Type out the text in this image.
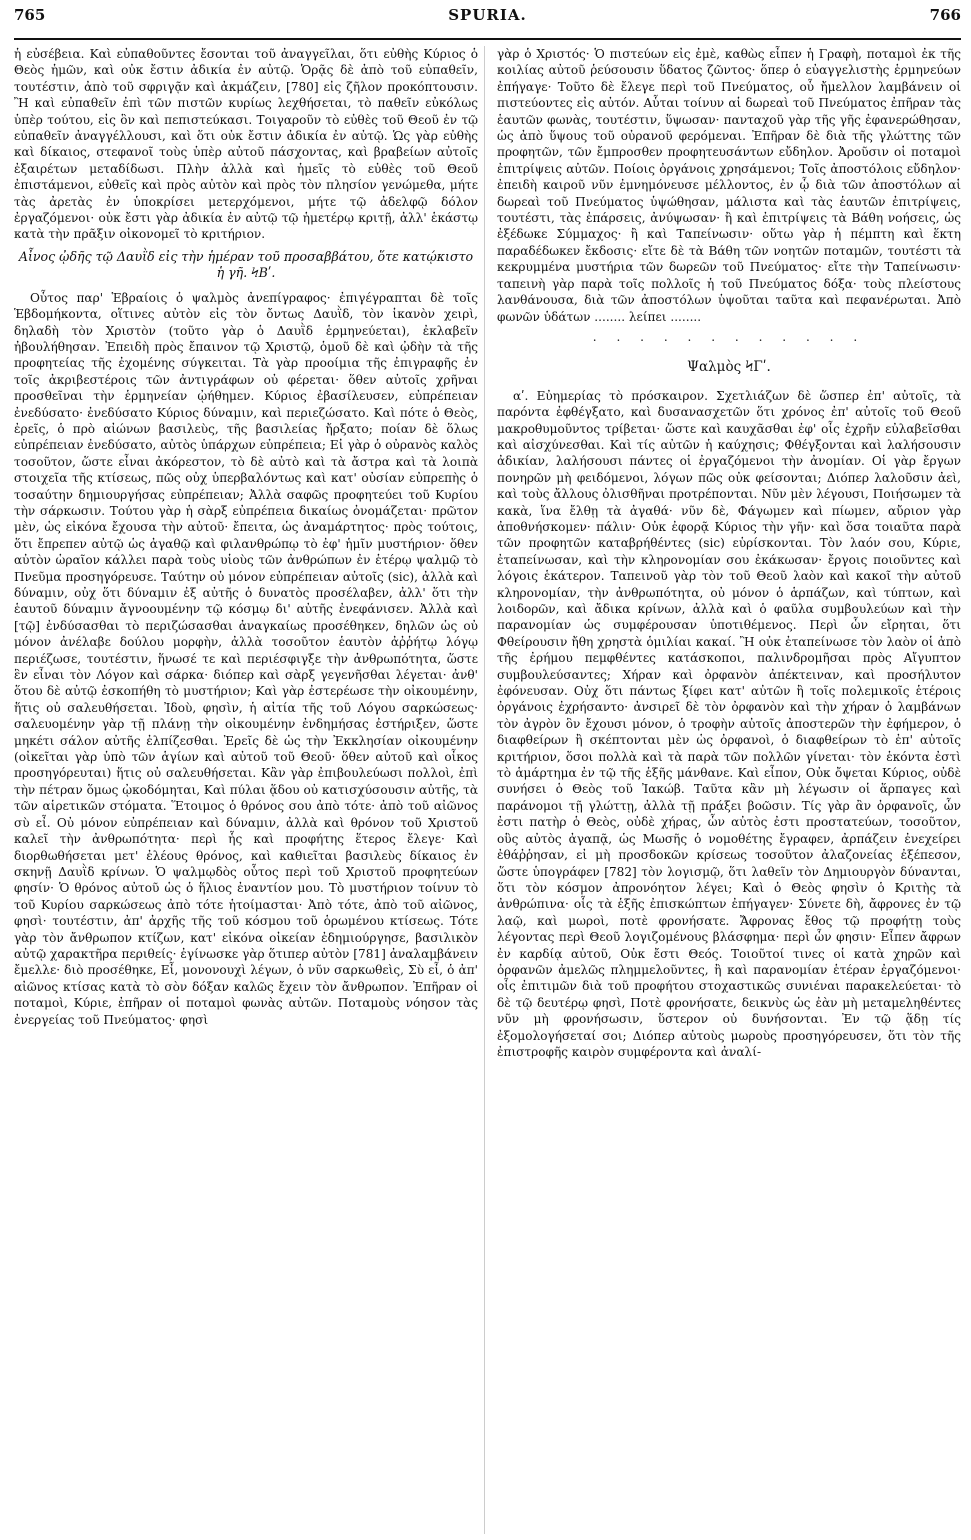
765	SPURIA.	766

ἡ εὐσέβεια. Καὶ εὐπαθοῦντες ἔσονται τοῦ ἀναγγεῖλαι, ὅτι εὐθὴς Κύριος ὁ Θεὸς ἡμῶν, καὶ οὐκ ἔστιν ἀδικία ἐν αὐτῷ. Ὁρᾷς δὲ ἀπὸ τοῦ εὐπαθεῖν, τουτέστιν, ἀπὸ τοῦ σφριγᾷν καὶ ἀκμάζειν, [780] εἰς ζῆλον προκόπτουσιν. Ἢ καὶ εὐπαθεῖν ἐπὶ τῶν πιστῶν κυρίως λεχθήσεται, τὸ παθεῖν εὐκόλως ὑπὲρ τούτου, εἰς ὃν καὶ πεπιστεύκασι. Τοιγαροῦν τὸ εὐθὲς τοῦ Θεοῦ ἐν τῷ εὐπαθεῖν ἀναγγέλλουσι, καὶ ὅτι οὐκ ἔστιν ἀδικία ἐν αὐτῷ. Ὡς γὰρ εὐθὴς καὶ δίκαιος, στεφανοῖ τοὺς ὑπὲρ αὐτοῦ πάσχοντας, καὶ βραβείων αὐτοῖς ἐξαιρέτων μεταδίδωσι. Πλὴν ἀλλὰ καὶ ἡμεῖς τὸ εὐθὲς τοῦ Θεοῦ ἐπιστάμενοι, εὐθεῖς καὶ πρὸς αὐτὸν καὶ πρὸς τὸν πλησίον γενώμεθα, μήτε τὰς ἀρετὰς ἐν ὑποκρίσει μετερχόμενοι, μήτε τῷ ἀδελφῷ δόλον ἐργαζόμενοι· οὐκ ἔστι γὰρ ἀδικία ἐν αὐτῷ τῷ ἡμετέρῳ κριτῇ, ἀλλ' ἑκάστῳ κατὰ τὴν πρᾶξιν οἰκονομεῖ τὸ κριτήριον.

Αἶνος ᾠδῆς τῷ Δαυῒδ εἰς τὴν ἡμέραν τοῦ προσαββάτου, ὅτε κατῴκιστο ἡ γῆ. ϞΒʹ.

Οὗτος παρ' Ἑβραίοις ὁ ψαλμὸς ἀνεπίγραφος· ἐπιγέγραπται δὲ τοῖς Ἑβδομήκοντα, οἵτινες αὐτὸν εἰς τὸν ὄντως Δαυῒδ, τὸν ἱκανὸν χειρὶ, δηλαδὴ τὸν Χριστὸν (τοῦτο γὰρ ὁ Δαυῒδ ἑρμηνεύεται), ἐκλαβεῖν ἠβουλήθησαν. Ἐπειδὴ πρὸς ἔπαινον τῷ Χριστῷ, ὁμοῦ δὲ καὶ ᾠδὴν τὰ τῆς προφητείας τῆς ἐχομένης σύγκειται. Τὰ γὰρ προοίμια τῆς ἐπιγραφῆς ἐν τοῖς ἀκριβεστέροις τῶν ἀντιγράφων οὐ φέρεται· ὅθεν αὐτοῖς χρῆναι προσθεῖναι τὴν ἑρμηνείαν ᾠήθημεν. Κύριος ἐβασίλευσεν, εὐπρέπειαν ἐνεδύσατο· ἐνεδύσατο Κύριος δύναμιν, καὶ περιεζώσατο. Καὶ πότε ὁ Θεὸς, ἐρεῖς, ὁ πρὸ αἰώνων βασιλεὺς, τῆς βασιλείας ἤρξατο; ποίαν δὲ ὅλως εὐπρέπειαν ἐνεδύσατο, αὐτὸς ὑπάρχων εὐπρέπεια; Εἰ γὰρ ὁ οὐρανὸς καλὸς τοσοῦτον, ὥστε εἶναι ἀκόρεστον, τὸ δὲ αὐτὸ καὶ τὰ ἄστρα καὶ τὰ λοιπὰ στοιχεῖα τῆς κτίσεως, πῶς οὐχ ὑπερβαλόντως καὶ κατ' οὐσίαν εὐπρεπὴς ὁ τοσαύτην δημιουργήσας εὐπρέπειαν; Ἀλλὰ σαφῶς προφητεύει τοῦ Κυρίου τὴν σάρκωσιν. Τούτου γὰρ ἡ σὰρξ εὐπρέπεια δικαίως ὀνομάζεται· πρῶτον μὲν, ὡς εἰκόνα ἔχουσα τὴν αὐτοῦ· ἔπειτα, ὡς ἀναμάρτητος· πρὸς τούτοις, ὅτι ἔπρεπεν αὐτῷ ὡς ἀγαθῷ καὶ φιλανθρώπῳ τὸ ἐφ' ἡμῖν μυστήριον· ὅθεν αὐτὸν ὡραῖον κάλλει παρὰ τοὺς υἱοὺς τῶν ἀνθρώπων ἐν ἑτέρῳ ψαλμῷ τὸ Πνεῦμα προσηγόρευσε. Ταύτην οὐ μόνον εὐπρέπειαν αὐτοῖς (sic), ἀλλὰ καὶ δύναμιν, οὐχ ὅτι δύναμιν ἐξ αὐτῆς ὁ δυνατὸς προσέλαβεν, ἀλλ' ὅτι τὴν ἑαυτοῦ δύναμιν ἄγνοουμένην τῷ κόσμῳ δι' αὐτῆς ἐνεφάνισεν. Ἀλλὰ καὶ [τῷ] ἐνδύσασθαι τὸ περιζώσασθαι ἀναγκαίως προσέθηκεν, δηλῶν ὡς οὐ μόνον ἀνέλαβε δούλου μορφὴν, ἀλλὰ τοσοῦτον ἑαυτὸν ἀῤῥήτῳ λόγῳ περιέζωσε, τουτέστιν, ἥνωσέ τε καὶ περιέσφιγξε τὴν ἀνθρωπότητα, ὥστε ἓν εἶναι τὸν Λόγον καὶ σάρκα· διόπερ καὶ σὰρξ γεγενῆσθαι λέγεται· ἀνθ' ὅτου δὲ αὐτῷ ἐσκοπήθη τὸ μυστήριον; Καὶ γὰρ ἐστερέωσε τὴν οἰκουμένην, ἥτις οὐ σαλευθήσεται. Ἰδοὺ, φησὶν, ἡ αἰτία τῆς τοῦ Λόγου σαρκώσεως· σαλευομένην γὰρ τῇ πλάνῃ τὴν οἰκουμένην ἐνδημήσας ἐστήριξεν, ὥστε μηκέτι σάλον αὐτῆς ἐλπίζεσθαι. Ἐρεῖς δὲ ὡς τὴν Ἐκκλησίαν οἰκουμένην (οἰκεῖται γὰρ ὑπὸ τῶν ἁγίων καὶ αὐτοῦ τοῦ Θεοῦ· ὅθεν αὐτοῦ καὶ οἶκος προσηγόρευται) ἥτις οὐ σαλευθήσεται. Κἂν γὰρ ἐπιβουλεύωσι πολλοὶ, ἐπὶ τὴν πέτραν ὅμως ᾠκοδόμηται, Καὶ πύλαι ᾅδου οὐ κατισχύσουσιν αὐτῆς, τὰ τῶν αἱρετικῶν στόματα. Ἕτοιμος ὁ θρόνος σου ἀπὸ τότε· ἀπὸ τοῦ αἰῶνος σὺ εἶ. Οὐ μόνον εὐπρέπειαν καὶ δύναμιν, ἀλλὰ καὶ θρόνον τοῦ Χριστοῦ καλεῖ τὴν ἀνθρωπότητα· περὶ ἧς καὶ προφήτης ἕτερος ἔλεγε· Καὶ διορθωθήσεται μετ' ἐλέους θρόνος, καὶ καθιεῖται βασιλεὺς δίκαιος ἐν σκηνῇ Δαυῒδ κρίνων. Ὁ ψαλμῳδὸς οὗτος περὶ τοῦ Χριστοῦ προφητεύων φησίν· Ὁ θρόνος αὐτοῦ ὡς ὁ ἥλιος ἐναντίον μου. Τὸ μυστήριον τοίνυν τὸ τοῦ Κυρίου σαρκώσεως ἀπὸ τότε ἡτοίμασται· Ἀπὸ τότε, ἀπὸ τοῦ αἰῶνος, φησὶ· τουτέστιν, ἀπ' ἀρχῆς τῆς τοῦ κόσμου τοῦ ὁρωμένου κτίσεως. Τότε γὰρ τὸν ἄνθρωπον κτίζων, κατ' εἰκόνα οἰκείαν ἐδημιούργησε, βασιλικὸν αὐτῷ χαρακτῆρα περιθείς· ἐγίνωσκε γὰρ ὅτιπερ αὐτὸν [781] ἀναλαμβάνειν ἔμελλε· διὸ προσέθηκε, Εἶ, μονονουχὶ λέγων, ὁ νῦν σαρκωθεὶς, Σὺ εἶ, ὁ ἀπ' αἰῶνος κτίσας κατὰ τὸ σὸν δόξαν καλῶς ἔχειν τὸν ἄνθρωπον. Ἐπῆραν οἱ ποταμοὶ, Κύριε, ἐπῆραν οἱ ποταμοὶ φωνὰς αὐτῶν. Ποταμοὺς νόησον τὰς ἐνεργείας τοῦ Πνεύματος· φησὶ

γὰρ ὁ Χριστός· Ὁ πιστεύων εἰς ἐμὲ, καθὼς εἶπεν ἡ Γραφὴ, ποταμοὶ ἐκ τῆς κοιλίας αὐτοῦ ῥεύσουσιν ὕδατος ζῶντος· ὅπερ ὁ εὐαγγελιστὴς ἑρμηνεύων ἐπήγαγε· Τοῦτο δὲ ἔλεγε περὶ τοῦ Πνεύματος, οὗ ἤμελλον λαμβάνειν οἱ πιστεύοντες εἰς αὐτόν. Αὗται τοίνυν αἱ δωρεαὶ τοῦ Πνεύματος ἐπῆραν τὰς ἑαυτῶν φωνὰς, τουτέστιν, ὕψωσαν· πανταχοῦ γὰρ τῆς γῆς ἐφανερώθησαν, ὡς ἀπὸ ὕψους τοῦ οὐρανοῦ φερόμεναι. Ἐπῆραν δὲ διὰ τῆς γλώττης τῶν προφητῶν, τῶν ἔμπροσθεν προφητευσάντων εὔδηλον. Ἀροῦσιν οἱ ποταμοὶ ἐπιτρίψεις αὐτῶν. Ποίοις ὀργάνοις χρησάμενοι; Τοῖς ἀποστόλοις εὔδηλον· ἐπειδὴ καιροῦ νῦν ἐμνημόνευσε μέλλοντος, ἐν ᾧ διὰ τῶν ἀποστόλων αἱ δωρεαὶ τοῦ Πνεύματος ὑψώθησαν, μάλιστα καὶ τὰς ἑαυτῶν ἐπιτρίψεις, τουτέστι, τὰς ἐπάρσεις, ἀνύψωσαν· ἢ καὶ ἐπιτρίψεις τὰ Βάθη νοήσεις, ὡς ἐξέδωκε Σύμμαχος· ἢ καὶ Ταπείνωσιν· οὕτω γὰρ ἡ πέμπτη καὶ ἕκτη παραδέδωκεν ἔκδοσις· εἴτε δὲ τὰ Βάθη τῶν νοητῶν ποταμῶν, τουτέστι τὰ κεκρυμμένα μυστήρια τῶν δωρεῶν τοῦ Πνεύματος· εἴτε τὴν Ταπείνωσιν· ταπεινὴ γὰρ παρὰ τοῖς πολλοῖς ἡ τοῦ Πνεύματος δόξα· τοὺς πλείστους λανθάνουσα, διὰ τῶν ἀποστόλων ὑψοῦται ταῦτα καὶ πεφανέρωται. Ἀπὸ φωνῶν ὑδάτων ........ λείπει ........

. . . . . . . . . . . .
Ψαλμὸς ϞΓʹ.

αʹ. Εὐημερίας τὸ πρόσκαιρον. Σχετλιάζων δὲ ὥσπερ ἐπ' αὐτοῖς, τὰ παρόντα ἐφθέγξατο, καὶ δυσανασχετῶν ὅτι χρόνος ἐπ' αὐτοῖς τοῦ Θεοῦ μακροθυμοῦντος τρίβεται· ὥστε καὶ καυχᾶσθαι ἐφ' οἷς ἐχρῆν εὐλαβεῖσθαι καὶ αἰσχύνεσθαι. Καὶ τίς αὐτῶν ἡ καύχησις; Φθέγξονται καὶ λαλήσουσιν ἀδικίαν, λαλήσουσι πάντες οἱ ἐργαζόμενοι τὴν ἀνομίαν. Οἱ γὰρ ἔργων πονηρῶν μὴ φειδόμενοι, λόγων πῶς οὐκ φείσονται; Διόπερ λαλοῦσιν ἀεὶ, καὶ τοὺς ἄλλους ὀλισθῆναι προτρέπονται. Νῦν μὲν λέγουσι, Ποιήσωμεν τὰ κακὰ, ἵνα ἔλθῃ τὰ ἀγαθά· νῦν δὲ, Φάγωμεν καὶ πίωμεν, αὔριον γὰρ ἀποθνήσκομεν· πάλιν· Οὐκ ἐφορᾷ Κύριος τὴν γῆν· καὶ ὅσα τοιαῦτα παρὰ τῶν προφητῶν καταβρήθέντες (sic) εὑρίσκονται. Τὸν λαόν σου, Κύριε, ἐταπείνωσαν, καὶ τὴν κληρονομίαν σου ἐκάκωσαν· ἔργοις ποιοῦντες καὶ λόγοις ἑκάτερον. Ταπεινοῦ γὰρ τὸν τοῦ Θεοῦ λαὸν καὶ κακοῖ τὴν αὐτοῦ κληρονομίαν, τὴν ἀνθρωπότητα, οὐ μόνον ὁ ἁρπάζων, καὶ τύπτων, καὶ λοιδορῶν, καὶ ἄδικα κρίνων, ἀλλὰ καὶ ὁ φαῦλα συμβουλεύων καὶ τὴν παρανομίαν ὡς συμφέρουσαν ὑποτιθέμενος. Περὶ ὧν εἴρηται, ὅτι Φθείρουσιν ἤθη χρηστὰ ὁμιλίαι κακαί. Ἢ οὐκ ἐταπείνωσε τὸν λαὸν οἱ ἀπὸ τῆς ἐρήμου πεμφθέντες κατάσκοποι, παλινδρομῆσαι πρὸς Αἴγυπτον συμβουλεύσαντες; Χήραν καὶ ὀρφανὸν ἀπέκτειναν, καὶ προσήλυτον ἐφόνευσαν. Οὐχ ὅτι πάντως ξίφει κατ' αὐτῶν ἢ τοῖς πολεμικοῖς ἑτέροις ὀργάνοις ἐχρήσαντο· ἀνσιρεῖ δὲ τὸν ὀρφανὸν καὶ τὴν χήραν ὁ λαμβάνων τὸν ἀγρὸν ὃν ἔχουσι μόνον, ὁ τροφὴν αὐτοῖς ἀποστερῶν τὴν ἐφήμερον, ὁ διαφθείρων ἢ σκέπτονται μὲν ὡς ὀρφανοὶ, ὁ διαφθείρων τὸ ἐπ' αὐτοῖς κριτήριον, ὅσοι πολλὰ καὶ τὰ παρὰ τῶν πολλῶν γίνεται· τὸν ἑκόντα ἐστὶ τὸ ἁμάρτημα ἐν τῷ τῆς ἑξῆς μάνθανε. Καὶ εἶπον, Οὐκ ὄψεται Κύριος, οὐδὲ συνήσει ὁ Θεὸς τοῦ Ἰακώβ. Ταῦτα κἂν μὴ λέγωσιν οἱ ἅρπαγες καὶ παράνομοι τῇ γλώττῃ, ἀλλὰ τῇ πράξει βοῶσιν. Τίς γὰρ ἂν ὀρφανοῖς, ὧν ἐστι πατὴρ ὁ Θεὸς, οὐδὲ χήρας, ὧν αὐτὸς ἐστι προστατεύων, τοσοῦτον, οὓς αὐτὸς ἀγαπᾷ, ὡς Μωσῆς ὁ νομοθέτης ἔγραφεν, ἀρπάζειν ἐνεχείρει ἐθάῤῥησαν, εἰ μὴ προσδοκῶν κρίσεως τοσοῦτον ἀλαζονείας ἐξέπεσον, ὥστε ὑπογράφεν [782] τὸν λογισμῷ, ὅτι λαθεῖν τὸν Δημιουργὸν δύνανται, ὅτι τὸν κόσμον ἀπρονόητον λέγει; Καὶ ὁ Θεὸς φησὶν ὁ Κριτὴς τὰ ἀνθρώπινα· οἷς τὰ ἑξῆς ἐπισκώπτων ἐπήγαγεν· Σύνετε δὴ, ἄφρονες ἐν τῷ λαῷ, καὶ μωροὶ, ποτὲ φρονήσατε. Ἄφρονας ἔθος τῷ προφήτῃ τοὺς λέγοντας περὶ Θεοῦ λογιζομένους βλάσφημα· περὶ ὧν φησιν· Εἶπεν ἄφρων ἐν καρδίᾳ αὐτοῦ, Οὐκ ἔστι Θεός. Τοιοῦτοί τινες οἱ κατὰ χηρῶν καὶ ὀρφανῶν ἀμελῶς πλημμελοῦντες, ἢ καὶ παρανομίαν ἑτέραν ἐργαζόμενοι· οἷς ἐπιτιμῶν διὰ τοῦ προφήτου στοχαστικῶς συνιέναι παρακελεύεται· τὸ δὲ τῷ δευτέρῳ φησὶ, Ποτὲ φρονήσατε, δεικνὺς ὡς ἐὰν μὴ μεταμεληθέντες νῦν μὴ φρονήσωσιν, ὕστερον οὐ δυνήσονται. Ἐν τῷ ᾅδῃ τίς ἐξομολογήσεταί σοι; Διόπερ αὐτοὺς μωροὺς προσηγόρευσεν, ὅτι τὸν τῆς ἐπιστροφῆς καιρὸν συμφέροντα καὶ ἀναλί-
